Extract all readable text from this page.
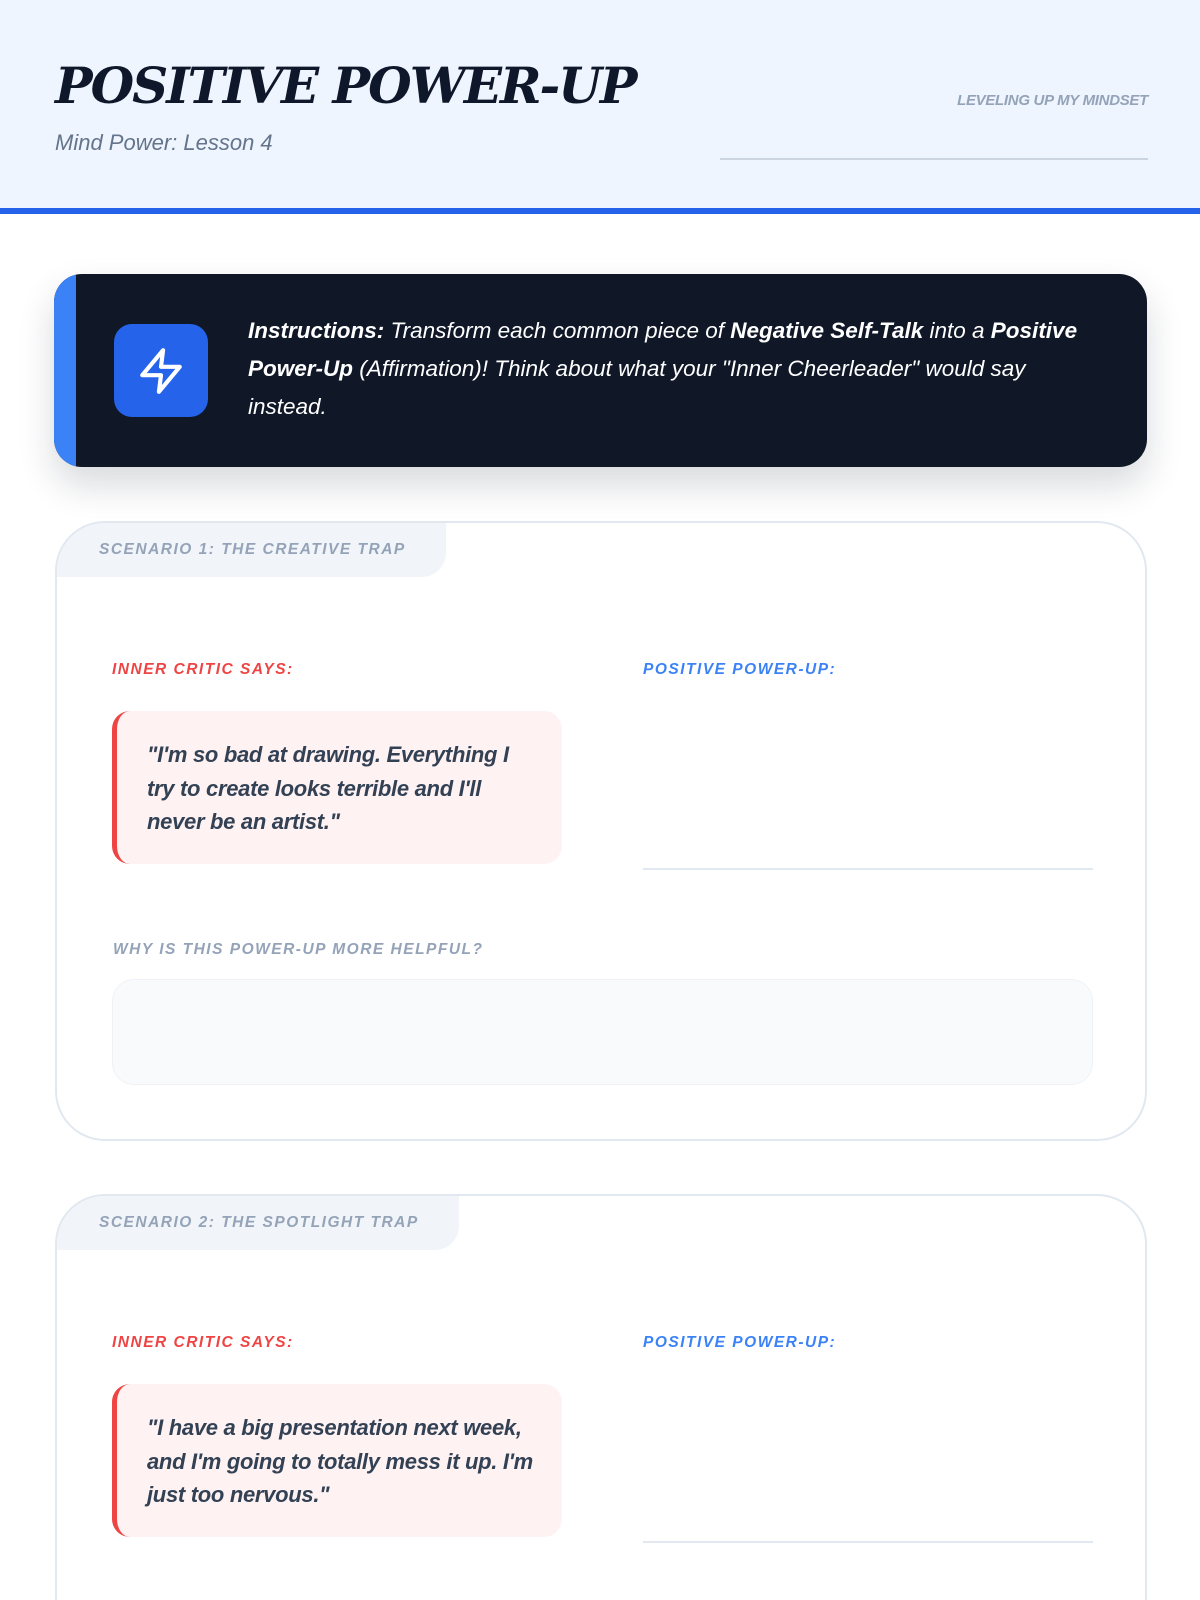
POSITIVE POWER-UP
Mind Power: Lesson 4
LEVELING UP MY MINDSET
Instructions: Transform each common piece of Negative Self-Talk into a Positive Power-Up (Affirmation)! Think about what your "Inner Cheerleader" would say instead.
SCENARIO 1: THE CREATIVE TRAP
INNER CRITIC SAYS:	POSITIVE POWER-UP:
"I'm so bad at drawing. Everything I try to create looks terrible and I'll never be an artist."
WHY IS THIS POWER-UP MORE HELPFUL?
SCENARIO 2: THE SPOTLIGHT TRAP
INNER CRITIC SAYS:	POSITIVE POWER-UP:
"I have a big presentation next week, and I'm going to totally mess it up. I'm just too nervous."
